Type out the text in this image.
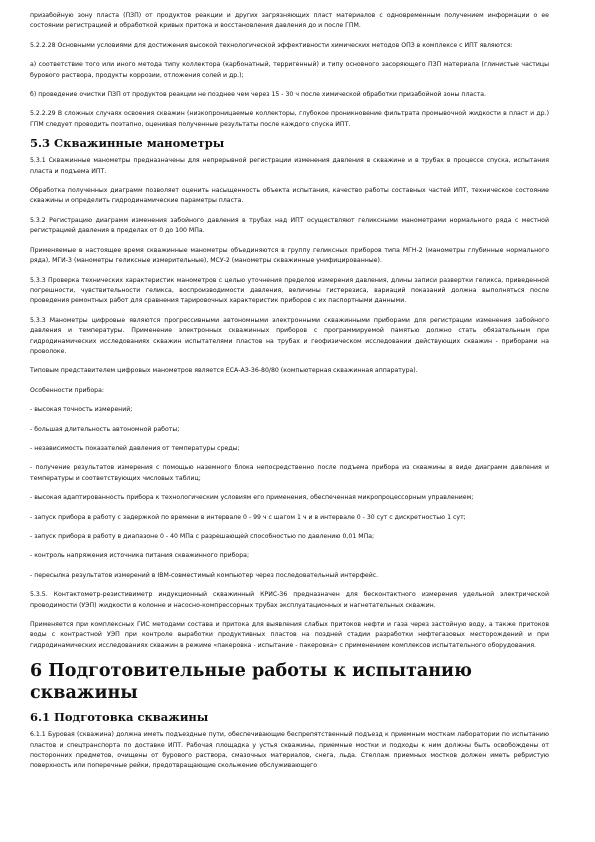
призабойную зону пласта (ПЗП) от продуктов реакции и других загрязняющих пласт материалов с одновременным получением информации о ее состоянии регистрацией и обработкой кривых притока и восстановления давления до и после ГПМ.

5.2.2.28 Основными условиями для достижения высокой технологической эффективности химических методов ОПЗ в комплексе с ИПТ являются:

а) соответствие того или иного метода типу коллектора (карбонатный, терригенный) и типу основного засоряющего ПЗП материала (глинистые частицы бурового раствора, продукты коррозии, отложения солей и др.);

б) проведение очистки ПЗП от продуктов реакции не позднее чем через 15 - 30 ч после химической обработки призабойной зоны пласта.

5.2.2.29 В сложных случаях освоения скважин (низкопроницаемые коллекторы, глубокое проникновение фильтрата промывочной жидкости в пласт и др.) ГПМ следует проводить поэтапно, оценивая полученные результаты после каждого спуска ИПТ.

5.3 Скважинные манометры

5.3.1 Скважинные манометры предназначены для непрерывной регистрации изменения давления в скважине и в трубах в процессе спуска, испытания пласта и подъема ИПТ.

Обработка полученных диаграмм позволяет оценить насыщенность объекта испытания, качество работы составных частей ИПТ, техническое состояние скважины и определить гидродинамические параметры пласта.

5.3.2 Регистрацию диаграмм изменения забойного давления в трубах над ИПТ осуществляют геликсными манометрами нормального ряда с местной регистрацией давления в пределах от 0 до 100 МПа.

Применяемые в настоящее время скважинные манометры объединяются в группу геликсных приборов типа МГН-2 (манометры глубинные нормального ряда), МГИ-3 (манометры геликсные измерительные), МСУ-2 (манометры скважинные унифицированные).

5.3.3 Проверка технических характеристик манометров с целью уточнения пределов измерения давления, длины записи развертки геликса, приведенной погрешности, чувствительности геликса, воспроизводимости давления, величины гистерезиса, вариаций показаний должна выполняться после проведения ремонтных работ для сравнения тарировочных характеристик приборов с их паспортными данными.

5.3.3 Манометры цифровые являются прогрессивными автономными электронными скважинными приборами для регистрации изменения забойного давления и температуры. Применение электронных скважинных приборов с программируемой памятью должно стать обязательным при гидродинамических исследованиях скважин испытателями пластов на трубах и геофизическом исследовании действующих скважин - приборами на проволоке.

Типовым представителем цифровых манометров является ЕСА-АЗ-36-80/80 (компьютерная скважинная аппаратура).

Особенности прибора:

- высокая точность измерений;

- большая длительность автономной работы;

- независимость показателей давления от температуры среды;

- получение результатов измерения с помощью наземного блока непосредственно после подъема прибора из скважины в виде диаграмм давления и температуры и соответствующих числовых таблиц;

- высокая адаптированность прибора к технологическим условиям его применения, обеспеченная микропроцессорным управлением;

- запуск прибора в работу с задержкой по времени в интервале 0 - 99 ч с шагом 1 ч и в интервале 0 - 30 сут с дискретностью 1 сут;

- запуск прибора в работу в диапазоне 0 - 40 МПа с разрешающей способностью по давлению 0,01 МПа;

- контроль напряжения источника питания скважинного прибора;

- пересылка результатов измерений в IBM-совместимый компьютер через последовательный интерфейс.

5.3.5. Контактометр-резистивиметр индукционный скважинный КРИС-36 предназначен для бесконтактного измерения удельной электрической проводимости (УЭП) жидкости в колонне и насосно-компрессорных трубах эксплуатационных и нагнетательных скважин.

Применяется при комплексных ГИС методами состава и притока для выявления слабых притоков нефти и газа через застойную воду, а также притоков воды с контрастной УЭП при контроле выработки продуктивных пластов на поздней стадии разработки нефтегазовых месторождений и при гидродинамических исследованиях скважин в режиме «пакеровка - испытание - пакеровка» с применением комплексов испытательного оборудования.

6 Подготовительные работы к испытанию скважины
6.1 Подготовка скважины

6.1.1 Буровая (скважина) должна иметь подъездные пути, обеспечивающие беспрепятственный подъезд к приемным мосткам лаборатории по испытанию пластов и спецтранспорта по доставке ИПТ. Рабочая площадка у устья скважины, приемные мостки и подходы к ним должны быть освобождены от посторонних предметов, очищены от бурового раствора, смазочных материалов, снега, льда. Стеллаж приемных мостков должен иметь ребристую поверхность или поперечные рейки, предотвращающие скольжение обслуживающего
